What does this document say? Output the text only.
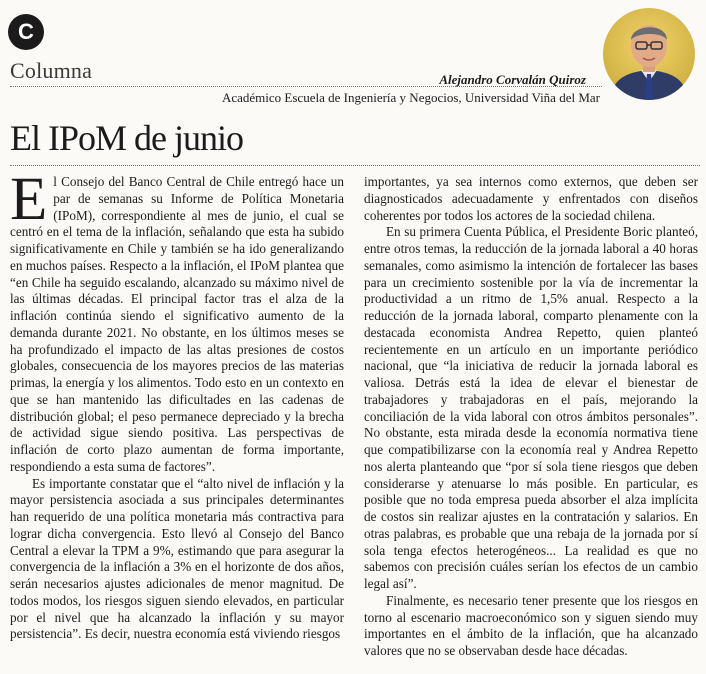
C
Columna	Alejandro Corvalán Quiroz
Académico Escuela de Ingeniería y Negocios, Universidad Viña del Mar
El IPoM de junio

El Consejo del Banco Central de Chile entregó hace un par de semanas su Informe de Política Monetaria (IPoM), correspondiente al mes de junio, el cual se centró en el tema de la inflación, señalando que esta ha subido significativamente en Chile y también se ha ido generalizando en muchos países. Respecto a la inflación, el IPoM plantea que “en Chile ha seguido escalando, alcanzado su máximo nivel de las últimas décadas. El principal factor tras el alza de la inflación continúa siendo el significativo aumento de la demanda durante 2021. No obstante, en los últimos meses se ha profundizado el impacto de las altas presiones de costos globales, consecuencia de los mayores precios de las materias primas, la energía y los alimentos. Todo esto en un contexto en que se han mantenido las dificultades en las cadenas de distribución global; el peso permanece depreciado y la brecha de actividad sigue siendo positiva. Las perspectivas de inflación de corto plazo aumentan de forma importante, respondiendo a esta suma de factores”.

Es importante constatar que el “alto nivel de inflación y la mayor persistencia asociada a sus principales determinantes han requerido de una política monetaria más contractiva para lograr dicha convergencia. Esto llevó al Consejo del Banco Central a elevar la TPM a 9%, estimando que para asegurar la convergencia de la inflación a 3% en el horizonte de dos años, serán necesarios ajustes adicionales de menor magnitud. De todos modos, los riesgos siguen siendo elevados, en particular por el nivel que ha alcanzado la inflación y su mayor persistencia”. Es decir, nuestra economía está viviendo riesgos

importantes, ya sea internos como externos, que deben ser diagnosticados adecuadamente y enfrentados con diseños coherentes por todos los actores de la sociedad chilena.

En su primera Cuenta Pública, el Presidente Boric planteó, entre otros temas, la reducción de la jornada laboral a 40 horas semanales, como asimismo la intención de fortalecer las bases para un crecimiento sostenible por la vía de incrementar la productividad a un ritmo de 1,5% anual. Respecto a la reducción de la jornada laboral, comparto plenamente con la destacada economista Andrea Repetto, quien planteó recientemente en un artículo en un importante periódico nacional, que “la iniciativa de reducir la jornada laboral es valiosa. Detrás está la idea de elevar el bienestar de trabajadores y trabajadoras en el país, mejorando la conciliación de la vida laboral con otros ámbitos personales”. No obstante, esta mirada desde la economía normativa tiene que compatibilizarse con la economía real y Andrea Repetto nos alerta planteando que “por sí sola tiene riesgos que deben considerarse y atenuarse lo más posible. En particular, es posible que no toda empresa pueda absorber el alza implícita de costos sin realizar ajustes en la contratación y salarios. En otras palabras, es probable que una rebaja de la jornada por sí sola tenga efectos heterogéneos... La realidad es que no sabemos con precisión cuáles serían los efectos de un cambio legal así”.

Finalmente, es necesario tener presente que los riesgos en torno al escenario macroeconómico son y siguen siendo muy importantes en el ámbito de la inflación, que ha alcanzado valores que no se observaban desde hace décadas.
